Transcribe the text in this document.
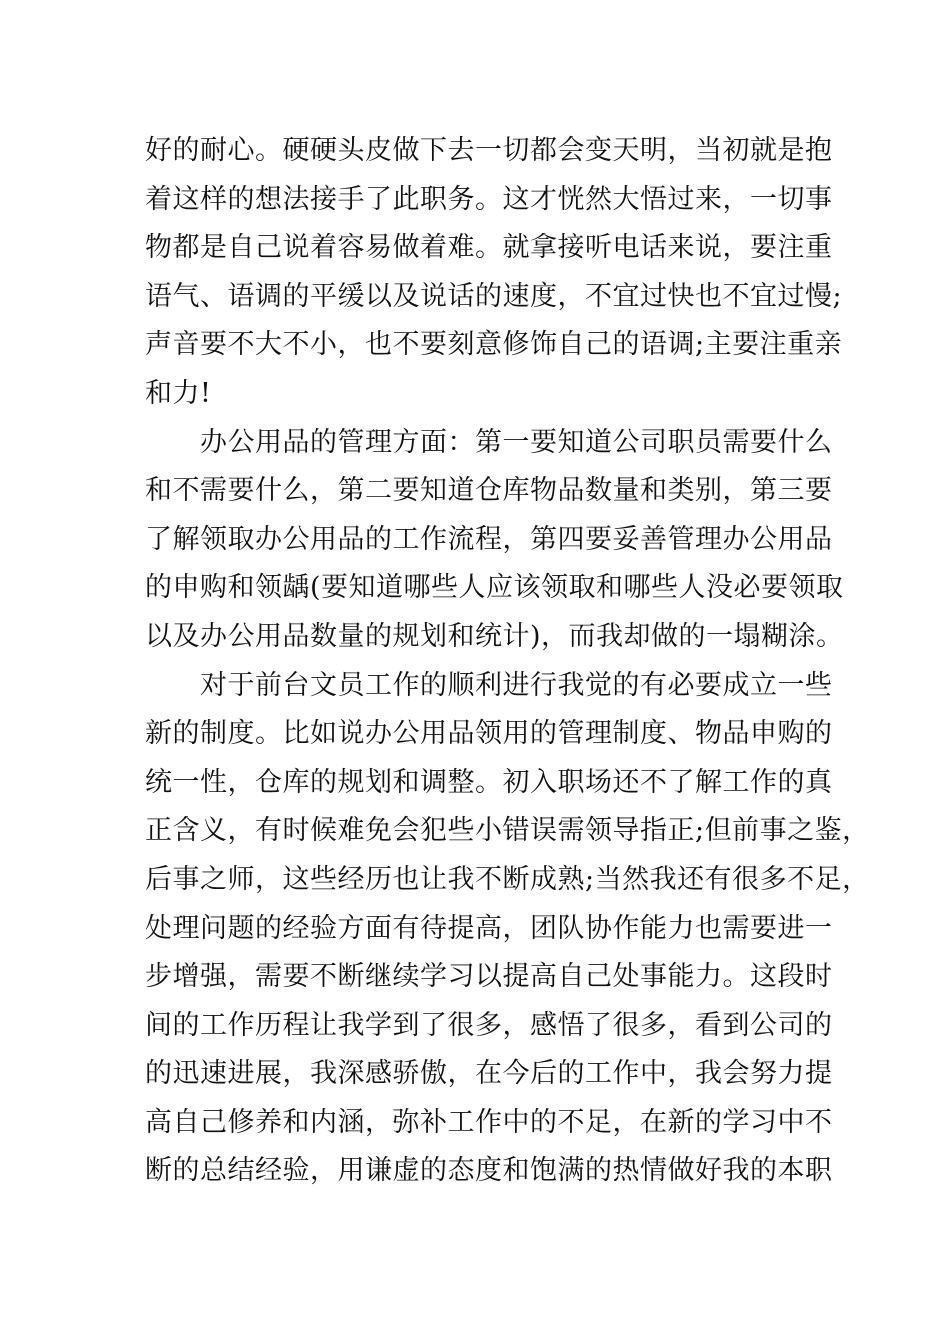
好的耐心。硬硬头皮做下去一切都会变天明，当初就是抱
着这样的想法接手了此职务。这才恍然大悟过来，一切事
物都是自己说着容易做着难。就拿接听电话来说，要注重
语气、语调的平缓以及说话的速度，不宜过快也不宜过慢;
声音要不大不小，也不要刻意修饰自己的语调;主要注重亲
和力!
　　办公用品的管理方面：第一要知道公司职员需要什么
和不需要什么，第二要知道仓库物品数量和类别，第三要
了解领取办公用品的工作流程，第四要妥善管理办公用品
的申购和领龋(要知道哪些人应该领取和哪些人没必要领取
以及办公用品数量的规划和统计)，而我却做的一塌糊涂。
　　对于前台文员工作的顺利进行我觉的有必要成立一些
新的制度。比如说办公用品领用的管理制度、物品申购的
统一性，仓库的规划和调整。初入职场还不了解工作的真
正含义，有时候难免会犯些小错误需领导指正;但前事之鉴，
后事之师，这些经历也让我不断成熟;当然我还有很多不足，
处理问题的经验方面有待提高，团队协作能力也需要进一
步增强，需要不断继续学习以提高自己处事能力。这段时
间的工作历程让我学到了很多，感悟了很多，看到公司的
的迅速进展，我深感骄傲，在今后的工作中，我会努力提
高自己修养和内涵，弥补工作中的不足，在新的学习中不
断的总结经验，用谦虚的态度和饱满的热情做好我的本职
